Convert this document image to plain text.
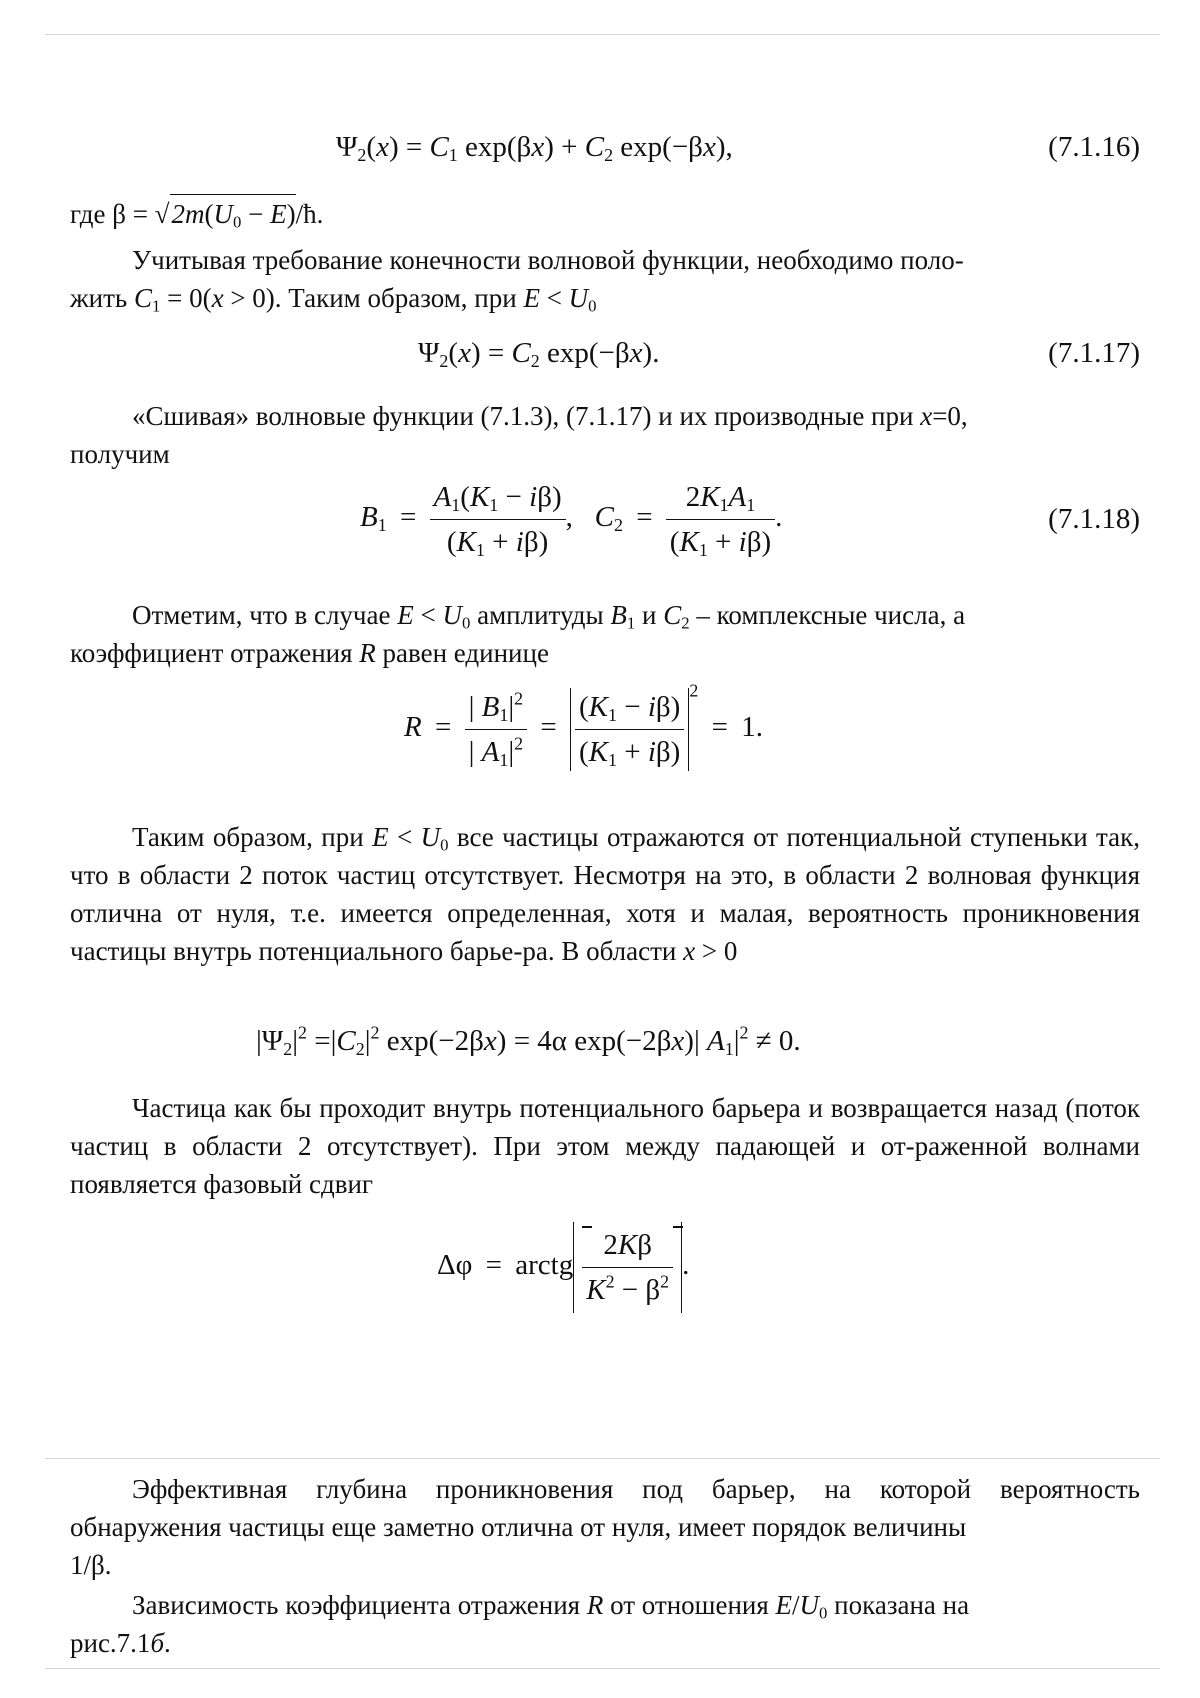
$\Psi_2(x) = C_1$ $\exp(\beta x) + C_2$ exp(−βx),	(7.1.16)
где $\beta = √2m(U_0$ − E)/ħ.
Учитывая требование конечности волновой функции, необходимо поло-
жить $C_1 = 0(x > 0)$. Таким образом, при $E < U_0$
$\Psi_2(x) = C_2$ exp(−βx).	(7.1.17)
«Сшивая» волновые функции (7.1.3), (7.1.17) и их производные при x=0,
получим
$B_1 = \frac{A_1(K_1 - i\beta)}{(K_1 + i\beta)}$ ,   $C_2 = \frac{2K_1A_1}{(K_1 + i\beta)}$ .	(7.1.18)
Отметим, что в случае $E < U_0$ амплитуды $B_1$ и $C_2$ – комплексные числа, а
коэффициент отражения R равен единице
$R = \frac{| B_1|^2}{| A_1|^2} = \frac{(K_1 - i\beta)}{(K_1 + i\beta)} ^2 = 1$.
Таким образом, при $E < U_0$ все частицы отражаются от потенциальной ступеньки так, что в области 2 поток частиц отсутствует. Несмотря на это, в области 2 волновая функция отлична от нуля, т.е. имеется определенная, хотя и малая, вероятность проникновения частицы внутрь потенциального барье-ра. В области x > 0
$|\Psi_2|^2 =|C_2|^2$ exp(−2βx) = 4α exp(−2βx)| $A_1|^2 \ne 0$.
Частица как бы проходит внутрь потенциального барьера и возвращается назад (поток частиц в области 2 отсутствует). При этом между падающей и от-раженной волнами появляется фазовый сдвиг
Δφ = arctg $\frac{2K\beta}{K^2 - \beta^2}$ .
Эффективная глубина проникновения под барьер, на которой вероятность обнаружения частицы еще заметно отлична от нуля, имеет порядок величины
1/β.
Зависимость коэффициента отражения R от отношения $E/U_0$ показана на
рис.7.1б.
